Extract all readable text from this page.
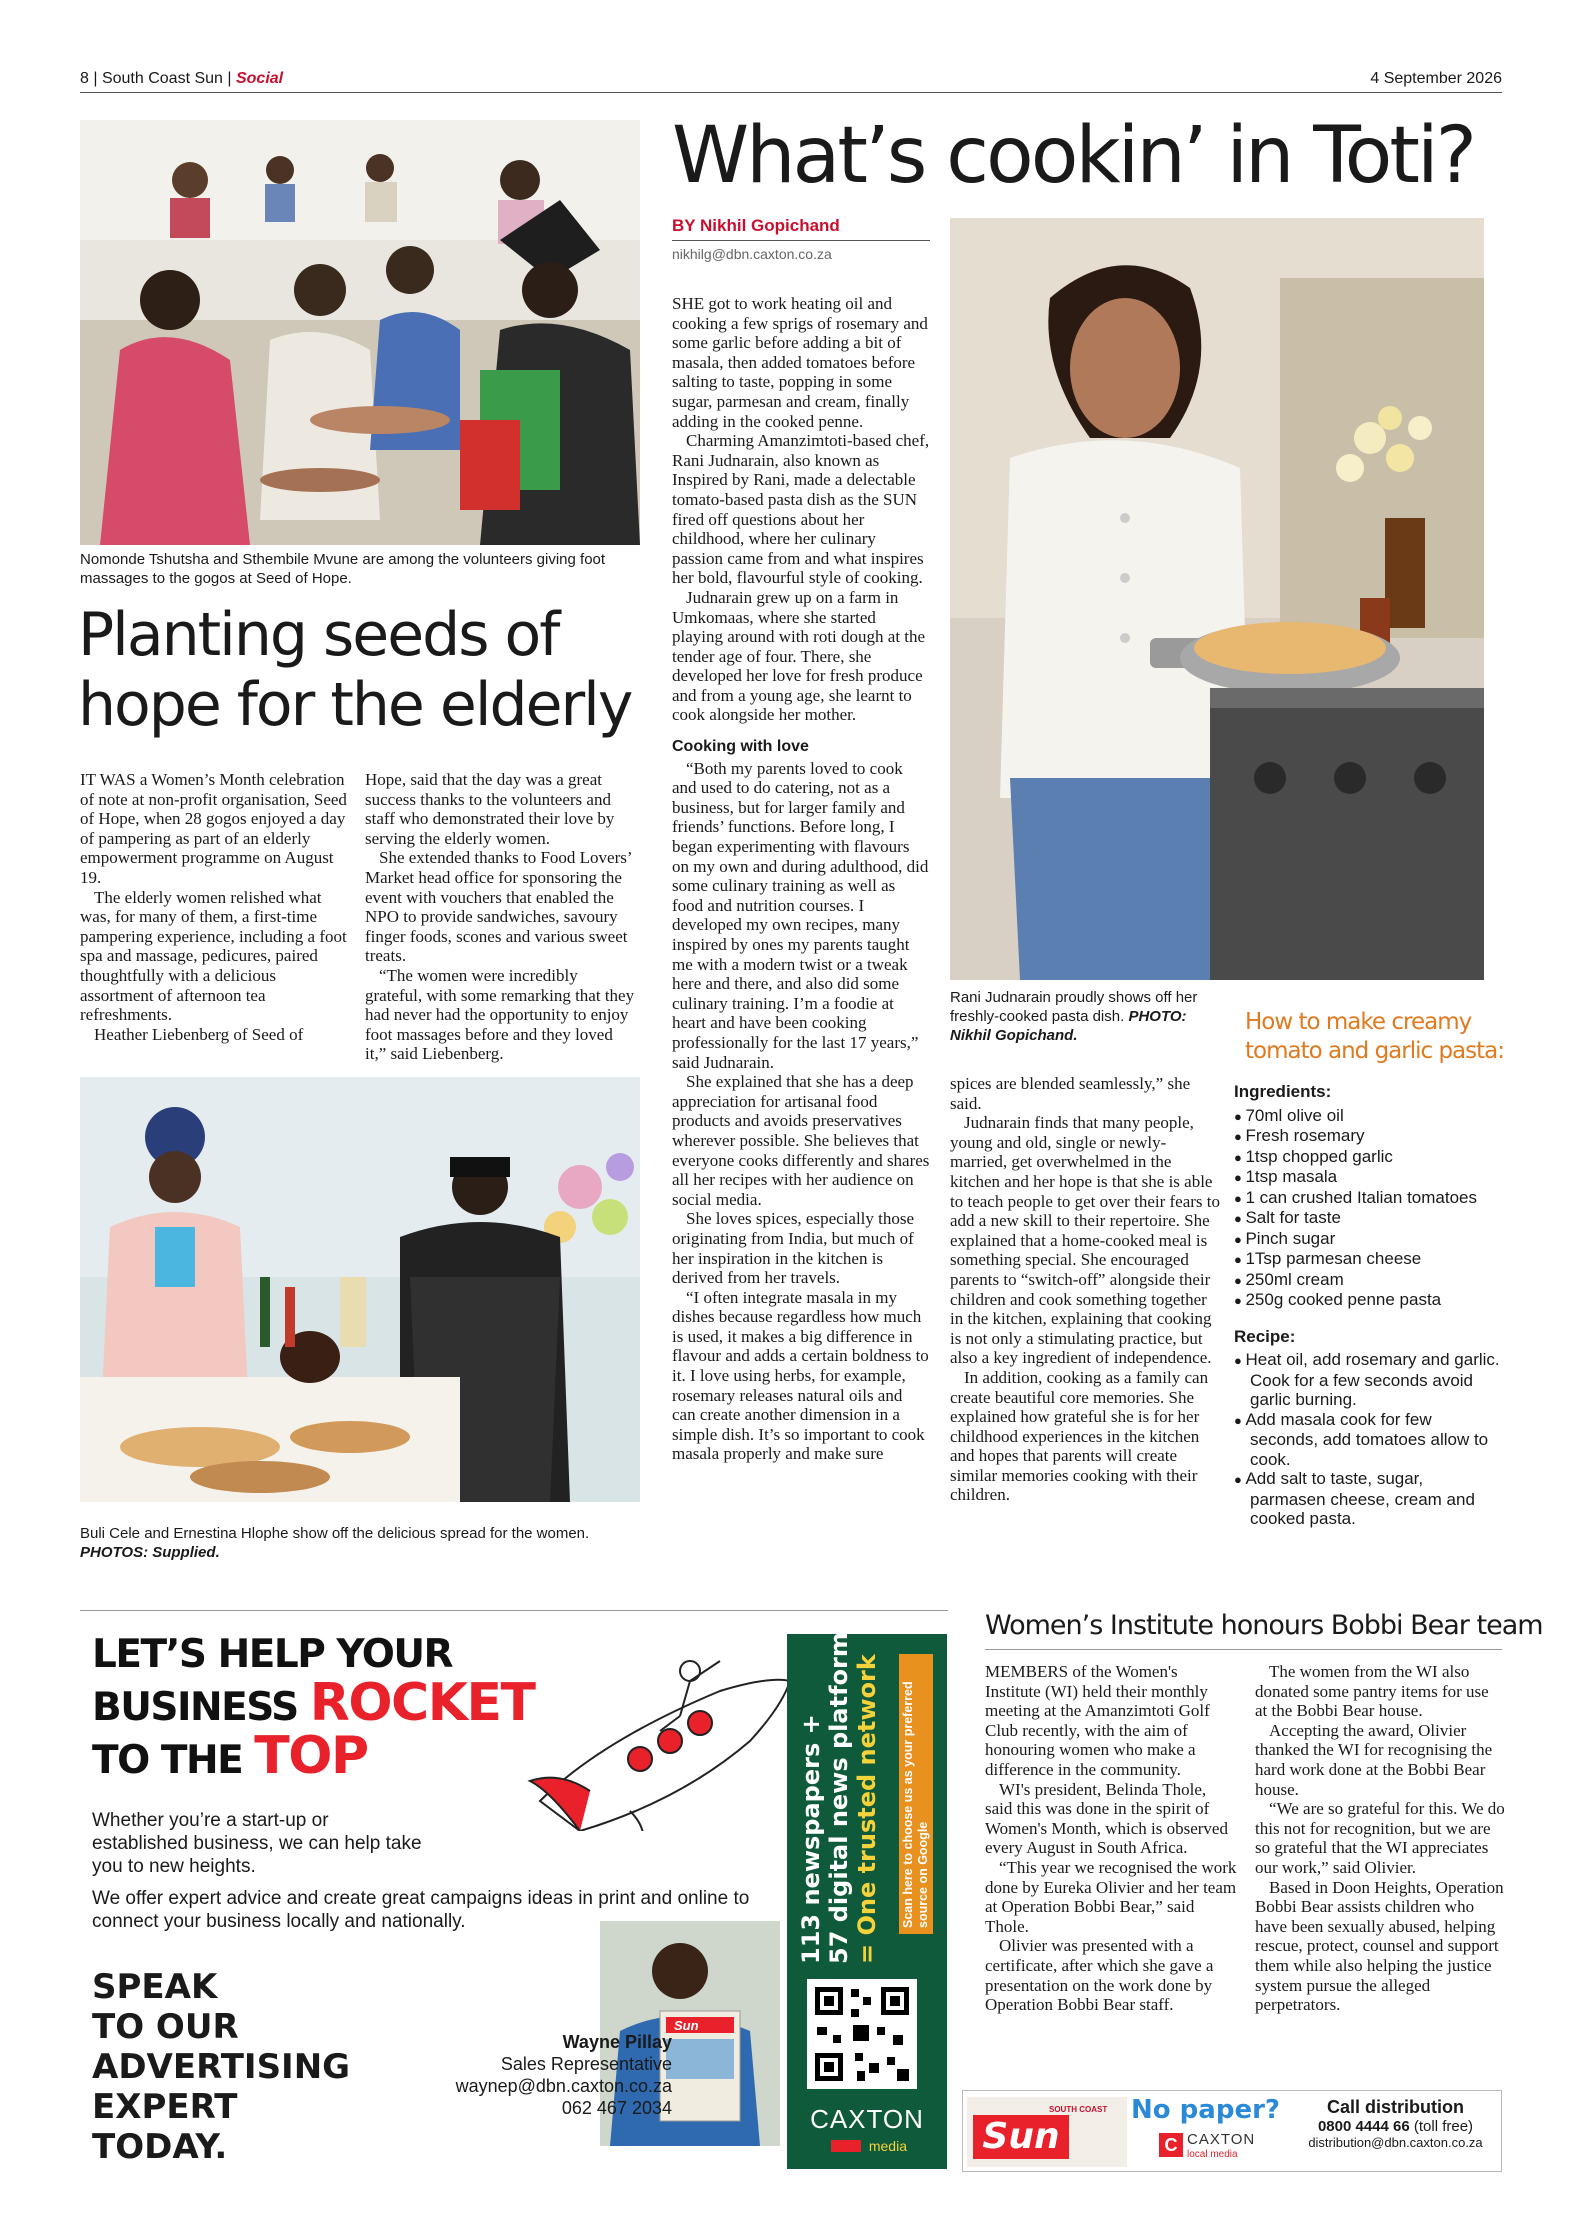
8 | South Coast Sun | Social	4 September 2026
Nomonde Tshutsha and Sthembile Mvune are among the volunteers giving foot massages to the gogos at Seed of Hope.
Planting seeds of
hope for the elderly

IT WAS a Women’s Month celebration of note at non-profit organisation, Seed of Hope, when 28 gogos enjoyed a day of pampering as part of an elderly empowerment programme on August 19.

The elderly women relished what was, for many of them, a first-time pampering experience, including a foot spa and massage, pedicures, paired thoughtfully with a delicious assortment of afternoon tea refreshments.

Heather Liebenberg of Seed of

Hope, said that the day was a great success thanks to the volunteers and staff who demonstrated their love by serving the elderly women.

She extended thanks to Food Lovers’ Market head office for sponsoring the event with vouchers that enabled the NPO to provide sandwiches, savoury finger foods, scones and various sweet treats.

“The women were incredibly grateful, with some remarking that they had never had the opportunity to enjoy foot massages before and they loved it,” said Liebenberg.

Buli Cele and Ernestina Hlophe show off the delicious spread for the women. PHOTOS: Supplied.
What’s cookin’ in Toti?
BY Nikhil Gopichand
nikhilg@dbn.caxton.co.za

SHE got to work heating oil and cooking a few sprigs of rosemary and some garlic before adding a bit of masala, then added tomatoes before salting to taste, popping in some sugar, parmesan and cream, finally adding in the cooked penne.

Charming Amanzimtoti-based chef, Rani Judnarain, also known as Inspired by Rani, made a delectable tomato-based pasta dish as the SUN fired off questions about her childhood, where her culinary passion came from and what inspires her bold, flavourful style of cooking.

Judnarain grew up on a farm in Umkomaas, where she started playing around with roti dough at the tender age of four. There, she developed her love for fresh produce and from a young age, she learnt to cook alongside her mother.

Cooking with love

“Both my parents loved to cook and used to do catering, not as a business, but for larger family and friends’ functions. Before long, I began experimenting with flavours on my own and during adulthood, did some culinary training as well as food and nutrition courses. I developed my own recipes, many inspired by ones my parents taught me with a modern twist or a tweak here and there, and also did some culinary training. I’m a foodie at heart and have been cooking professionally for the last 17 years,” said Judnarain.

She explained that she has a deep appreciation for artisanal food products and avoids preservatives wherever possible. She believes that everyone cooks differently and shares all her recipes with her audience on social media.

She loves spices, especially those originating from India, but much of her inspiration in the kitchen is derived from her travels.

“I often integrate masala in my dishes because regardless how much is used, it makes a big difference in flavour and adds a certain boldness to it. I love using herbs, for example, rosemary releases natural oils and can create another dimension in a simple dish. It’s so important to cook masala properly and make sure

Rani Judnarain proudly shows off her freshly-cooked pasta dish. PHOTO: Nikhil Gopichand.

spices are blended seamlessly,” she said.

Judnarain finds that many people, young and old, single or newly-married, get overwhelmed in the kitchen and her hope is that she is able to teach people to get over their fears to add a new skill to their repertoire. She explained that a home-cooked meal is something special. She encouraged parents to “switch-off” alongside their children and cook something together in the kitchen, explaining that cooking is not only a stimulating practice, but also a key ingredient of independence.

In addition, cooking as a family can create beautiful core memories. She explained how grateful she is for her childhood experiences in the kitchen and hopes that parents will create similar memories cooking with their children.

How to make creamy
tomato and garlic pasta:
Ingredients:
● 70ml olive oil
● Fresh rosemary
● 1tsp chopped garlic
● 1tsp masala
● 1 can crushed Italian tomatoes
● Salt for taste
● Pinch sugar
● 1Tsp parmesan cheese
● 250ml cream
● 250g cooked penne pasta
Recipe:
● Heat oil, add rosemary and garlic. Cook for a few seconds avoid garlic burning.
● Add masala cook for few seconds, add tomatoes allow to cook.
● Add salt to taste, sugar, parmasen cheese, cream and cooked pasta.
LET’S HELP YOUR
BUSINESS ROCKET
TO THE TOP
Whether you’re a start-up or established business, we can help take you to new heights.
We offer expert advice and create great campaigns ideas in print and online to connect your business locally and nationally.
SPEAK
TO OUR
ADVERTISING
EXPERT
TODAY.
Sun
Wayne Pillay
Sales Representative
waynep@dbn.caxton.co.za
062 467 2034
113 newspapers + 57 digital news platforms = One trusted network Scan here to choose us as your preferred source on Google
CAXTON
media
Women’s Institute honours Bobbi Bear team

MEMBERS of the Women's Institute (WI) held their monthly meeting at the Amanzimtoti Golf Club recently, with the aim of honouring women who make a difference in the community.

WI's president, Belinda Thole, said this was done in the spirit of Women's Month, which is observed every August in South Africa.

“This year we recognised the work done by Eureka Olivier and her team at Operation Bobbi Bear,” said Thole.

Olivier was presented with a certificate, after which she gave a presentation on the work done by Operation Bobbi Bear staff.

The women from the WI also donated some pantry items for use at the Bobbi Bear house.

Accepting the award, Olivier thanked the WI for recognising the hard work done at the Bobbi Bear house.

“We are so grateful for this. We do this not for recognition, but we are so grateful that the WI appreciates our work,” said Olivier.

Based in Doon Heights, Operation Bobbi Bear assists children who have been sexually abused, helping rescue, protect, counsel and support them while also helping the justice system pursue the alleged perpetrators.

SOUTH COAST
Sun
No paper?
C CAXTON
local media
Call distribution
0800 4444 66 (toll free)
distribution@dbn.caxton.co.za
